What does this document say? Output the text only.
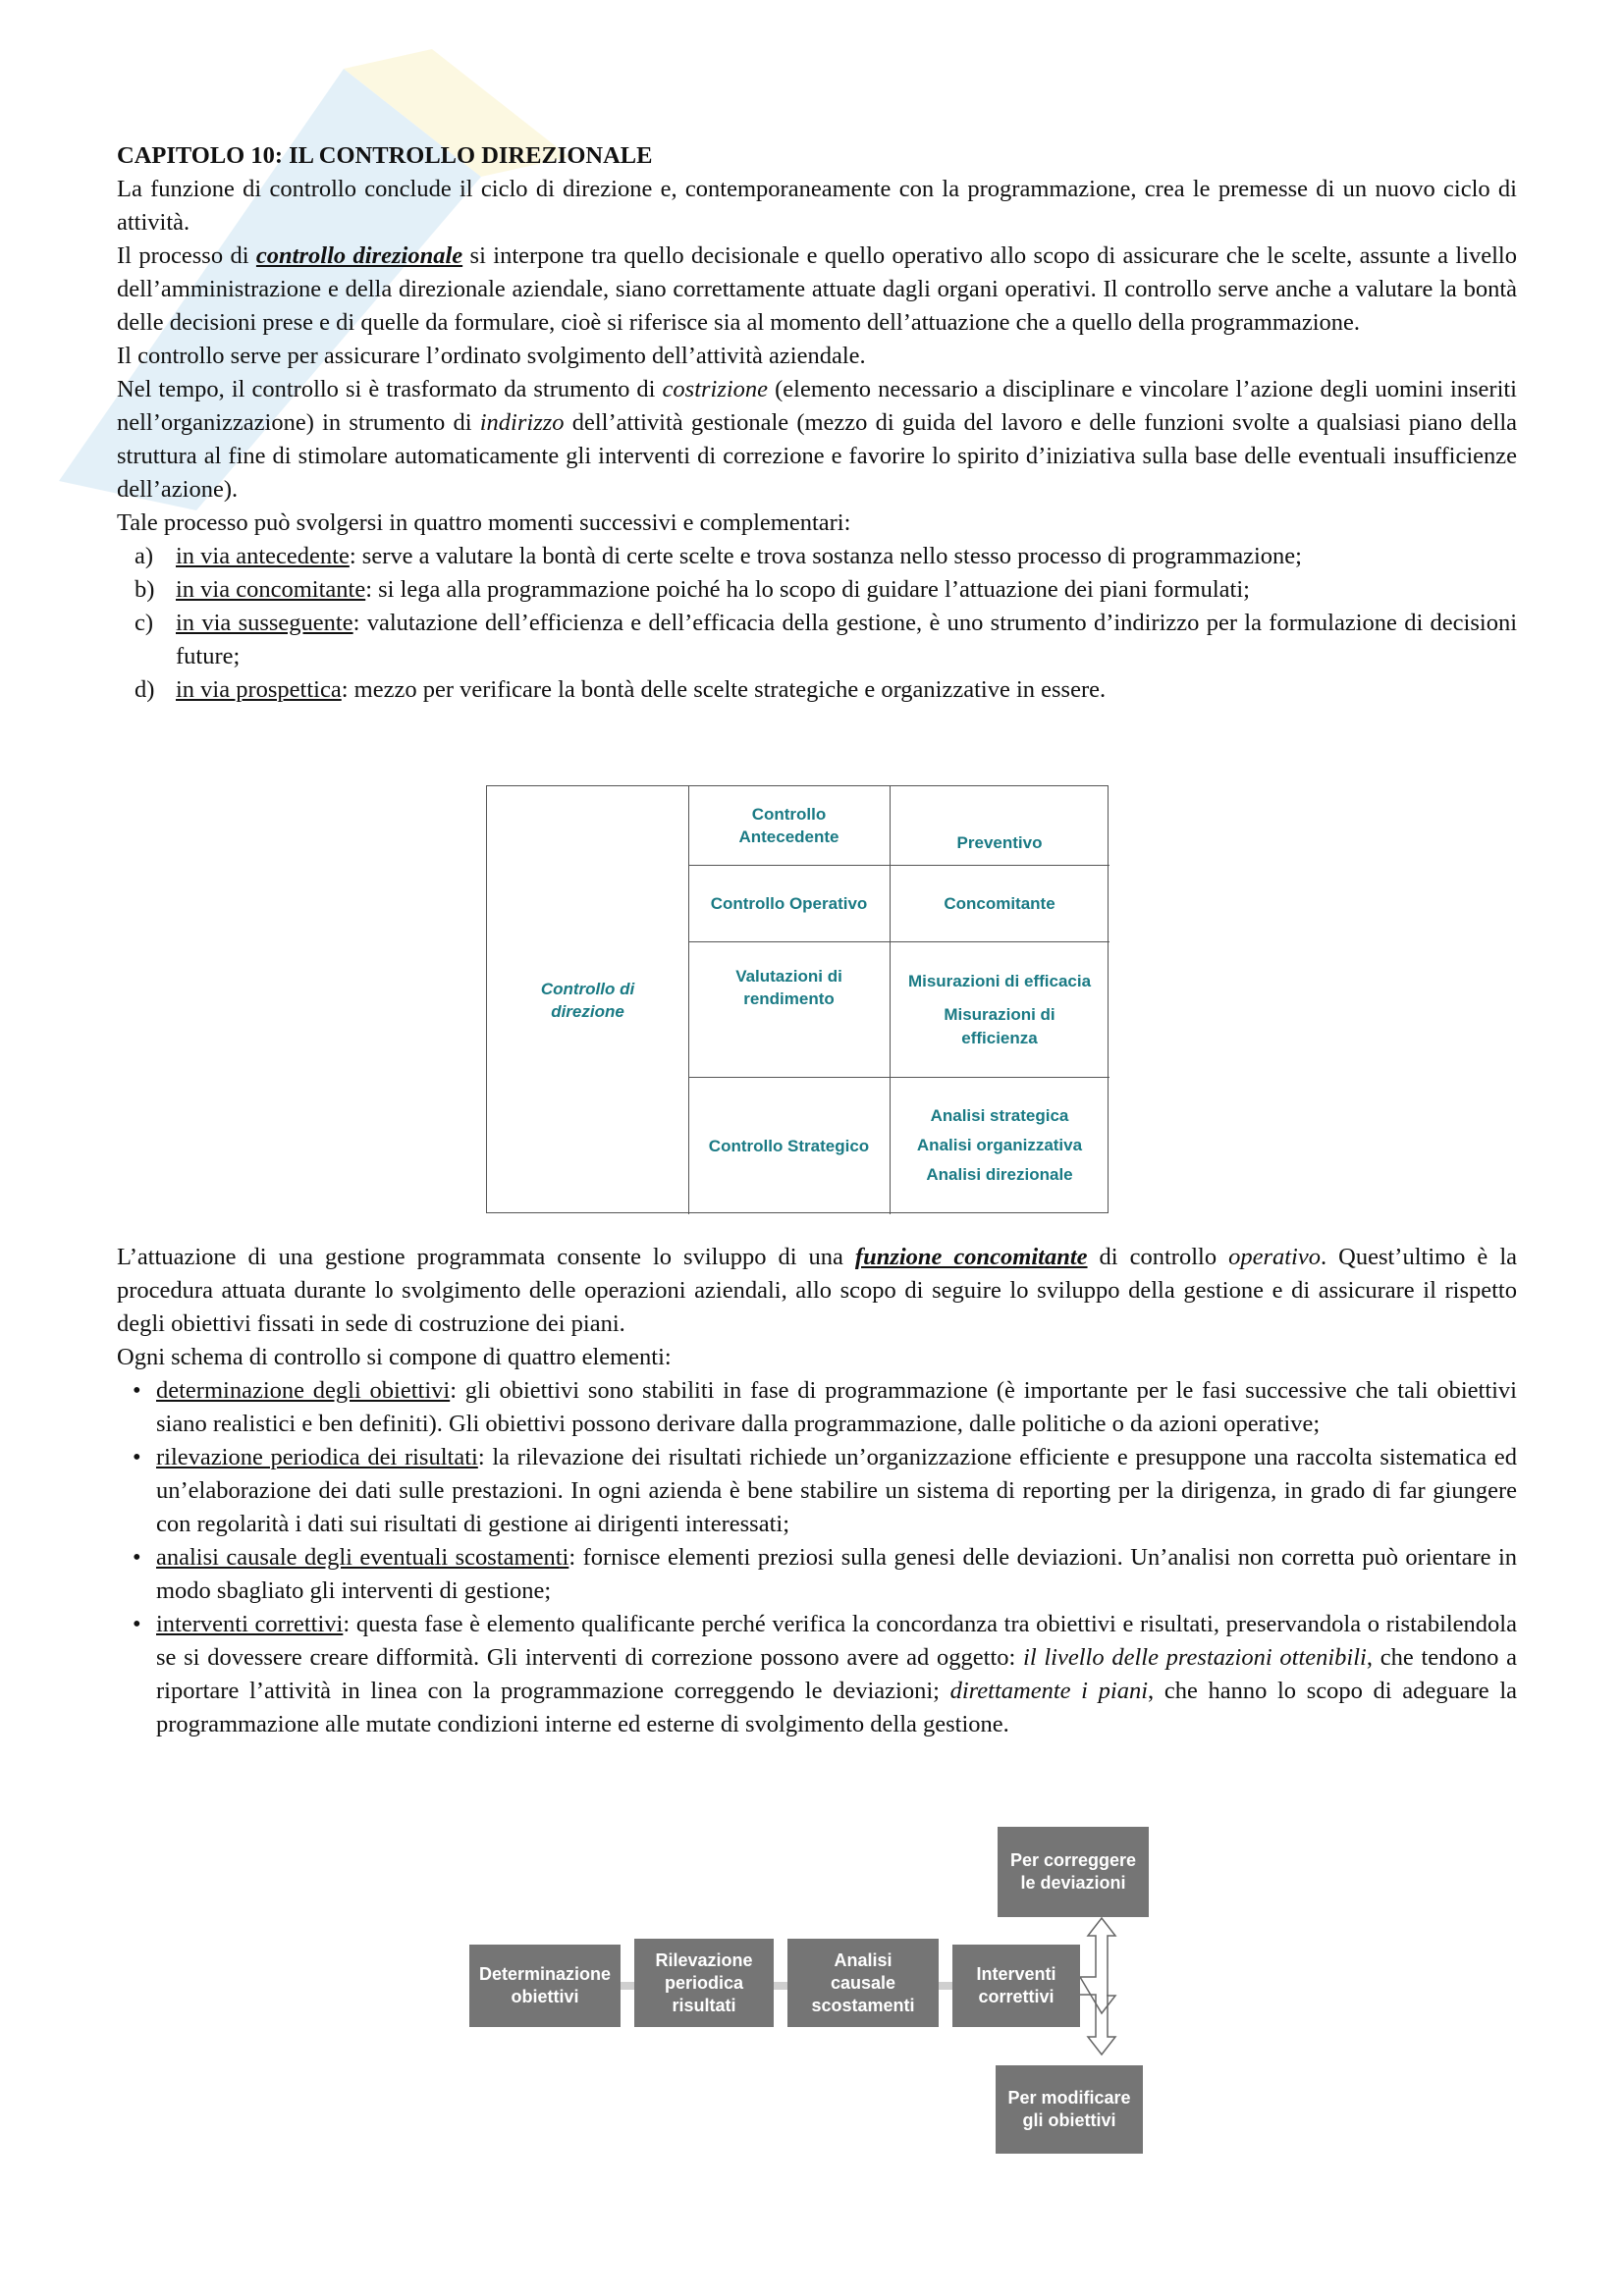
CAPITOLO 10: IL CONTROLLO DIREZIONALE

La funzione di controllo conclude il ciclo di direzione e, contemporaneamente con la programmazione, crea le premesse di un nuovo ciclo di attività.

Il processo di controllo direzionale si interpone tra quello decisionale e quello operativo allo scopo di assicurare che le scelte, assunte a livello dell’amministrazione e della direzionale aziendale, siano correttamente attuate dagli organi operativi. Il controllo serve anche a valutare la bontà delle decisioni prese e di quelle da formulare, cioè si riferisce sia al momento dell’attuazione che a quello della programmazione.

Il controllo serve per assicurare l’ordinato svolgimento dell’attività aziendale.

Nel tempo, il controllo si è trasformato da strumento di costrizione (elemento necessario a disciplinare e vincolare l’azione degli uomini inseriti nell’organizzazione) in strumento di indirizzo dell’attività gestionale (mezzo di guida del lavoro e delle funzioni svolte a qualsiasi piano della struttura al fine di stimolare automaticamente gli interventi di correzione e favorire lo spirito d’iniziativa sulla base delle eventuali insufficienze dell’azione).

Tale processo può svolgersi in quattro momenti successivi e complementari:

a) in via antecedente: serve a valutare la bontà di certe scelte e trova sostanza nello stesso processo di programmazione;
b) in via concomitante: si lega alla programmazione poiché ha lo scopo di guidare l’attuazione dei piani formulati;
c) in via susseguente: valutazione dell’efficienza e dell’efficacia della gestione, è uno strumento d’indirizzo per la formulazione di decisioni future;
d) in via prospettica: mezzo per verificare la bontà delle scelte strategiche e organizzative in essere.
Controllo di
direzione
Controllo
Antecedente	Preventivo
Controllo Operativo	Concomitante
Valutazioni di
rendimento
Misurazioni di efficacia
Misurazioni di
efficienza
Controllo Strategico
Analisi strategica
Analisi organizzativa
Analisi direzionale

L’attuazione di una gestione programmata consente lo sviluppo di una funzione concomitante di controllo operativo. Quest’ultimo è la procedura attuata durante lo svolgimento delle operazioni aziendali, allo scopo di seguire lo sviluppo della gestione e di assicurare il rispetto degli obiettivi fissati in sede di costruzione dei piani.

Ogni schema di controllo si compone di quattro elementi:

• determinazione degli obiettivi: gli obiettivi sono stabiliti in fase di programmazione (è importante per le fasi successive che tali obiettivi siano realistici e ben definiti). Gli obiettivi possono derivare dalla programmazione, dalle politiche o da azioni operative;
• rilevazione periodica dei risultati: la rilevazione dei risultati richiede un’organizzazione efficiente e presuppone una raccolta sistematica ed un’elaborazione dei dati sulle prestazioni. In ogni azienda è bene stabilire un sistema di reporting per la dirigenza, in grado di far giungere con regolarità i dati sui risultati di gestione ai dirigenti interessati;
• analisi causale degli eventuali scostamenti: fornisce elementi preziosi sulla genesi delle deviazioni. Un’analisi non corretta può orientare in modo sbagliato gli interventi di gestione;
• interventi correttivi: questa fase è elemento qualificante perché verifica la concordanza tra obiettivi e risultati, preservandola o ristabilendola se si dovessere creare difformità. Gli interventi di correzione possono avere ad oggetto: il livello delle prestazioni ottenibili, che tendono a riportare l’attività in linea con la programmazione correggendo le deviazioni; direttamente i piani, che hanno lo scopo di adeguare la programmazione alle mutate condizioni interne ed esterne di svolgimento della gestione.
Determinazione
obiettivi
Rilevazione
periodica
risultati
Analisi
causale
scostamenti
Interventi
correttivi
Per correggere
le deviazioni
Per modificare
gli obiettivi
